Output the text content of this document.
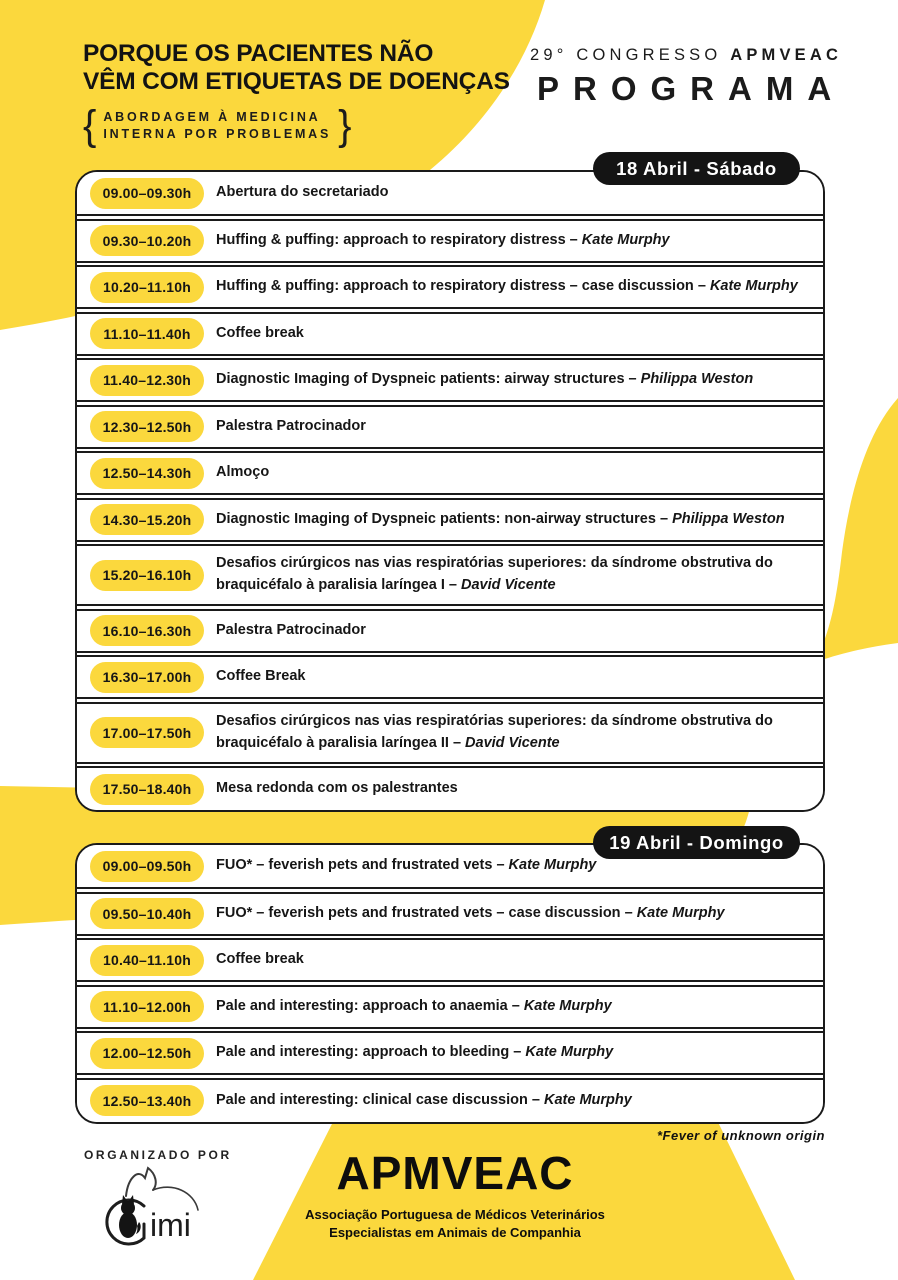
PORQUE OS PACIENTES NÃO
VÊM COM ETIQUETAS DE DOENÇAS
{ ABORDAGEM À MEDICINA
INTERNA POR PROBLEMAS }
29° CONGRESSO APMVEAC
PROGRAMA
18 Abril - Sábado
19 Abril - Domingo
09.00–09.30h Abertura do secretariado

09.30–10.20h Huffing & puffing: approach to respiratory distress – Kate Murphy

10.20–11.10h Huffing & puffing: approach to respiratory distress – case discussion – Kate Murphy

11.10–11.40h Coffee break

11.40–12.30h Diagnostic Imaging of Dyspneic patients: airway structures – Philippa Weston

12.30–12.50h Palestra Patrocinador

12.50–14.30h Almoço

14.30–15.20h Diagnostic Imaging of Dyspneic patients: non-airway structures – Philippa Weston

15.20–16.10h

Desafios cirúrgicos nas vias respiratórias superiores: da síndrome obstrutiva do braquicéfalo à paralisia laríngea I – David Vicente

16.10–16.30h Palestra Patrocinador

16.30–17.00h Coffee Break

17.00–17.50h

Desafios cirúrgicos nas vias respiratórias superiores: da síndrome obstrutiva do braquicéfalo à paralisia laríngea II – David Vicente

17.50–18.40h Mesa redonda com os palestrantes

09.00–09.50h FUO* – feverish pets and frustrated vets – Kate Murphy

09.50–10.40h FUO* – feverish pets and frustrated vets – case discussion – Kate Murphy

10.40–11.10h Coffee break

11.10–12.00h Pale and interesting: approach to anaemia – Kate Murphy

12.00–12.50h Pale and interesting: approach to bleeding – Kate Murphy

12.50–13.40h Pale and interesting: clinical case discussion – Kate Murphy

*Fever of unknown origin
ORGANIZADO POR
imi
APMVEAC
Associação Portuguesa de Médicos Veterinários
Especialistas em Animais de Companhia
